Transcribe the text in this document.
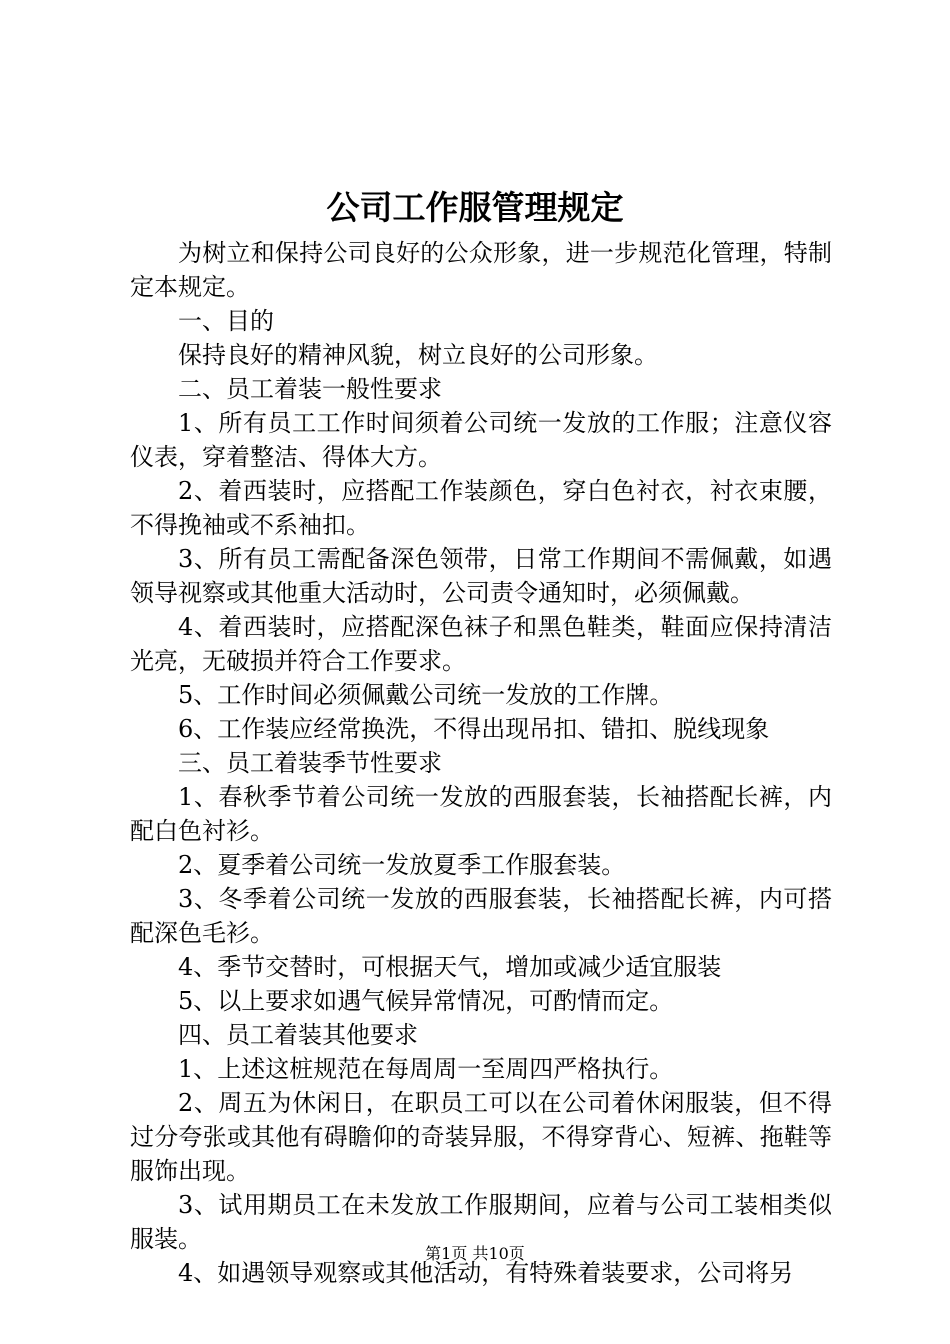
公司工作服管理规定

为树立和保持公司良好的公众形象，进一步规范化管理，特制定本规定。

一、目的

保持良好的精神风貌，树立良好的公司形象。

二、员工着装一般性要求

1、所有员工工作时间须着公司统一发放的工作服；注意仪容仪表，穿着整洁、得体大方。

2、着西装时，应搭配工作装颜色，穿白色衬衣，衬衣束腰，不得挽袖或不系袖扣。

3、所有员工需配备深色领带，日常工作期间不需佩戴，如遇领导视察或其他重大活动时，公司责令通知时，必须佩戴。

4、着西装时，应搭配深色袜子和黑色鞋类，鞋面应保持清洁光亮，无破损并符合工作要求。

5、工作时间必须佩戴公司统一发放的工作牌。

6、工作装应经常换洗，不得出现吊扣、错扣、脱线现象

三、员工着装季节性要求

1、春秋季节着公司统一发放的西服套装，长袖搭配长裤，内配白色衬衫。

2、夏季着公司统一发放夏季工作服套装。

3、冬季着公司统一发放的西服套装，长袖搭配长裤，内可搭配深色毛衫。

4、季节交替时，可根据天气，增加或减少适宜服装

5、以上要求如遇气候异常情况，可酌情而定。

四、员工着装其他要求

1、上述这桩规范在每周周一至周四严格执行。

2、周五为休闲日，在职员工可以在公司着休闲服装，但不得过分夸张或其他有碍瞻仰的奇装异服，不得穿背心、短裤、拖鞋等服饰出现。

3、试用期员工在未发放工作服期间，应着与公司工装相类似服装。

4、如遇领导观察或其他活动，有特殊着装要求，公司将另

第1页 共10页
